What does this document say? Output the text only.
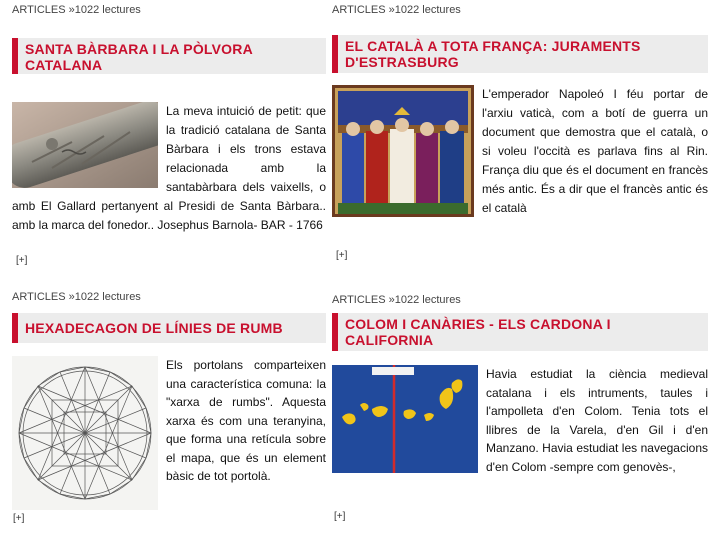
ARTICLES »1022 lectures
SANTA BÀRBARA I LA PÒLVORA CATALANA

La meva intuició de petit: que la tradició catalana de Santa Bàrbara i els trons estava relacionada amb la santabàrbara dels vaixells, o amb El Gallard pertanyent al Presidi de Santa Bàrbara.. amb la marca del fonedor.. Josephus Barnola- BAR - 1766

[+]
ARTICLES »1022 lectures
EL CATALÀ A TOTA FRANÇA: JURAMENTS D'ESTRASBURG

L'emperador Napoleó I féu portar de l'arxiu vaticà, com a botí de guerra un document que demostra que el català, o si voleu l'occità es parlava fins al Rin. França diu que és el document en francès més antic. És a dir que el francès antic és el català

[+]
ARTICLES »1022 lectures
HEXADECAGON DE LÍNIES DE RUMB

Els portolans comparteixen una característica comuna: la "xarxa de rumbs". Aquesta xarxa és com una teranyina, que forma una retícula sobre el mapa, que és un element bàsic de tot portolà.

[+]
ARTICLES »1022 lectures
COLOM I CANÀRIES - ELS CARDONA I CALIFORNIA

Havia estudiat la ciència medieval catalana i els intruments, taules i l'ampolleta d'en Colom. Tenia tots el llibres de la Varela, d'en Gil i d'en Manzano. Havia estudiat les navegacions d'en Colom -sempre com genovès-,

[+]
